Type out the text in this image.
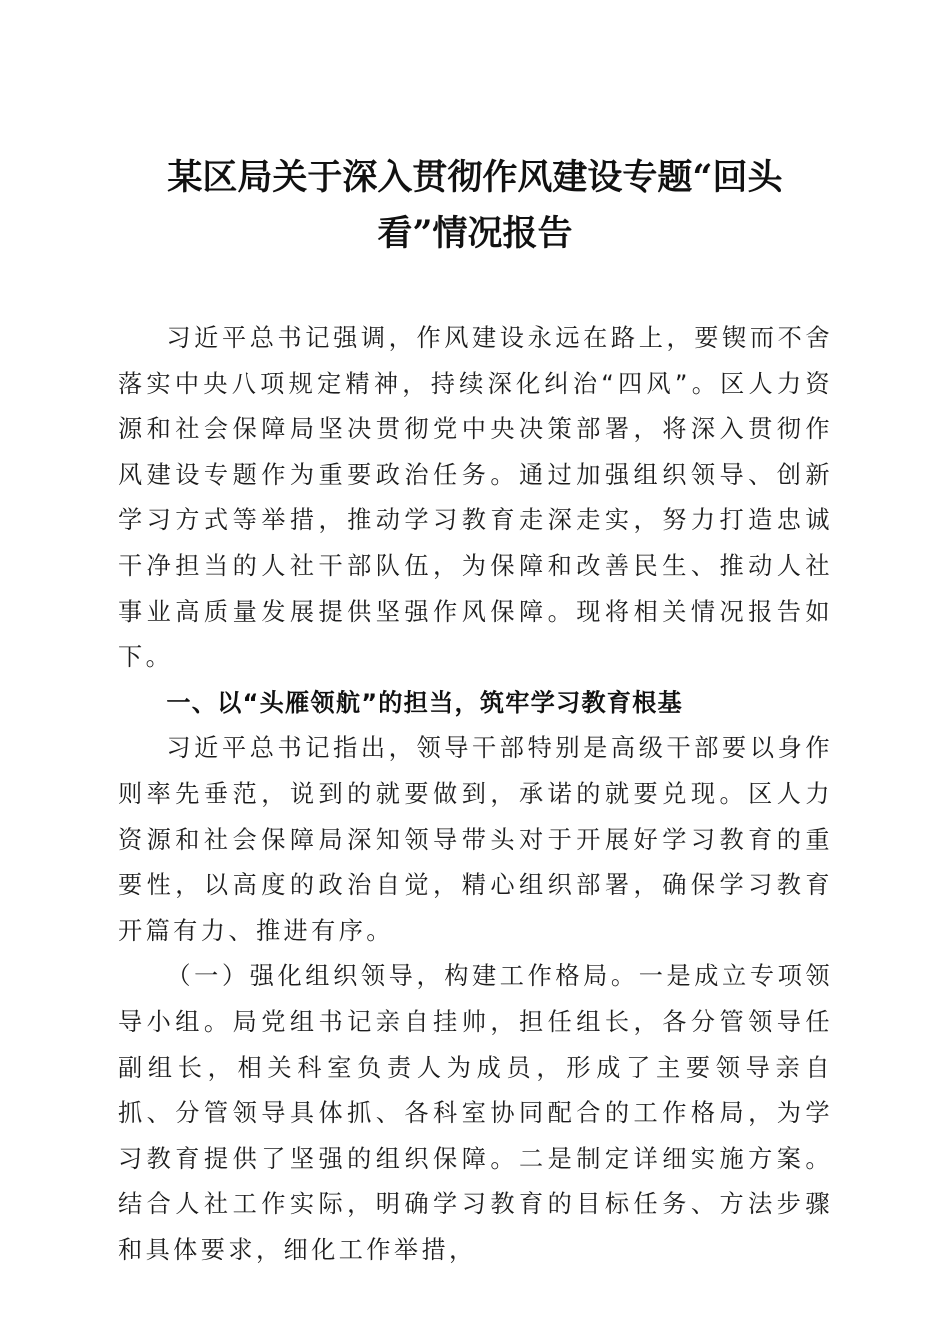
某区局关于深入贯彻作风建设专题“回头
看”情况报告

习近平总书记强调，作风建设永远在路上，要锲而不舍落实中央八项规定精神，持续深化纠治“四风”。区人力资源和社会保障局坚决贯彻党中央决策部署，将深入贯彻作风建设专题作为重要政治任务。通过加强组织领导、创新学习方式等举措，推动学习教育走深走实，努力打造忠诚干净担当的人社干部队伍，为保障和改善民生、推动人社事业高质量发展提供坚强作风保障。现将相关情况报告如下。

一、以“头雁领航”的担当，筑牢学习教育根基

习近平总书记指出，领导干部特别是高级干部要以身作则率先垂范，说到的就要做到，承诺的就要兑现。区人力资源和社会保障局深知领导带头对于开展好学习教育的重要性，以高度的政治自觉，精心组织部署，确保学习教育开篇有力、推进有序。

（一）强化组织领导，构建工作格局。一是成立专项领导小组。局党组书记亲自挂帅，担任组长，各分管领导任副组长，相关科室负责人为成员，形成了主要领导亲自抓、分管领导具体抓、各科室协同配合的工作格局，为学习教育提供了坚强的组织保障。二是制定详细实施方案。结合人社工作实际，明确学习教育的目标任务、方法步骤和具体要求，细化工作举措，
